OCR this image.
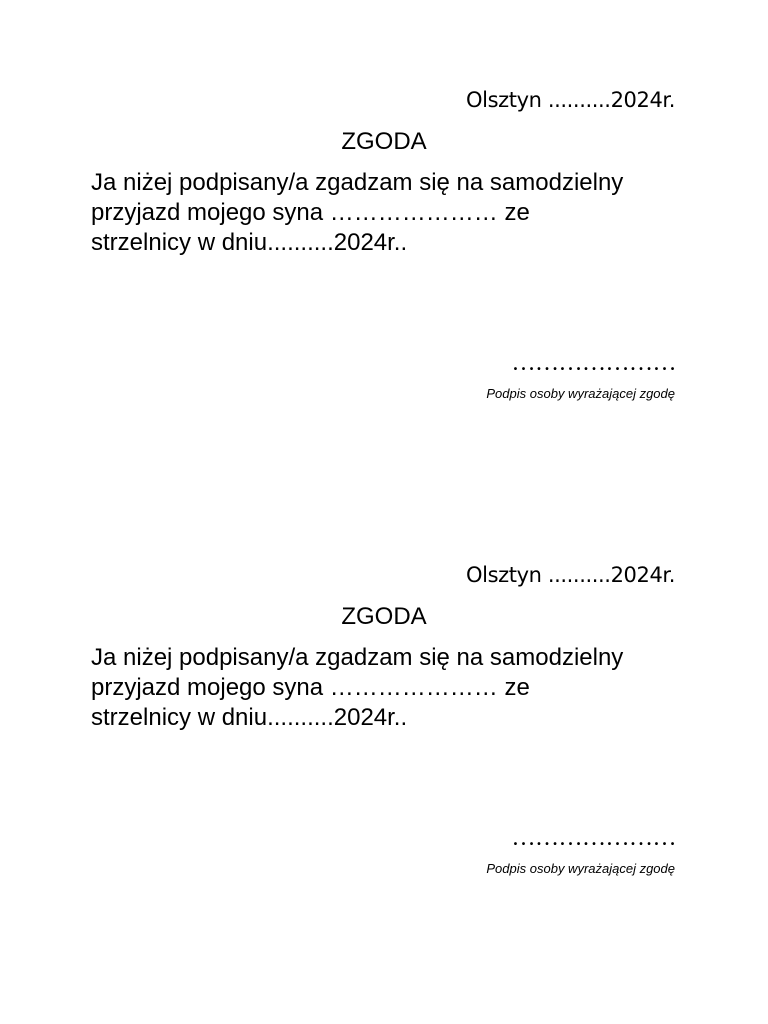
Olsztyn ..........2024r.
ZGODA
Ja niżej podpisany/a zgadzam się na samodzielny
przyjazd mojego syna ………………… ze
strzelnicy w dniu..........2024r..
…………………
Podpis osoby wyrażającej zgodę
Olsztyn ..........2024r.
ZGODA
Ja niżej podpisany/a zgadzam się na samodzielny
przyjazd mojego syna ………………… ze
strzelnicy w dniu..........2024r..
…………………
Podpis osoby wyrażającej zgodę
